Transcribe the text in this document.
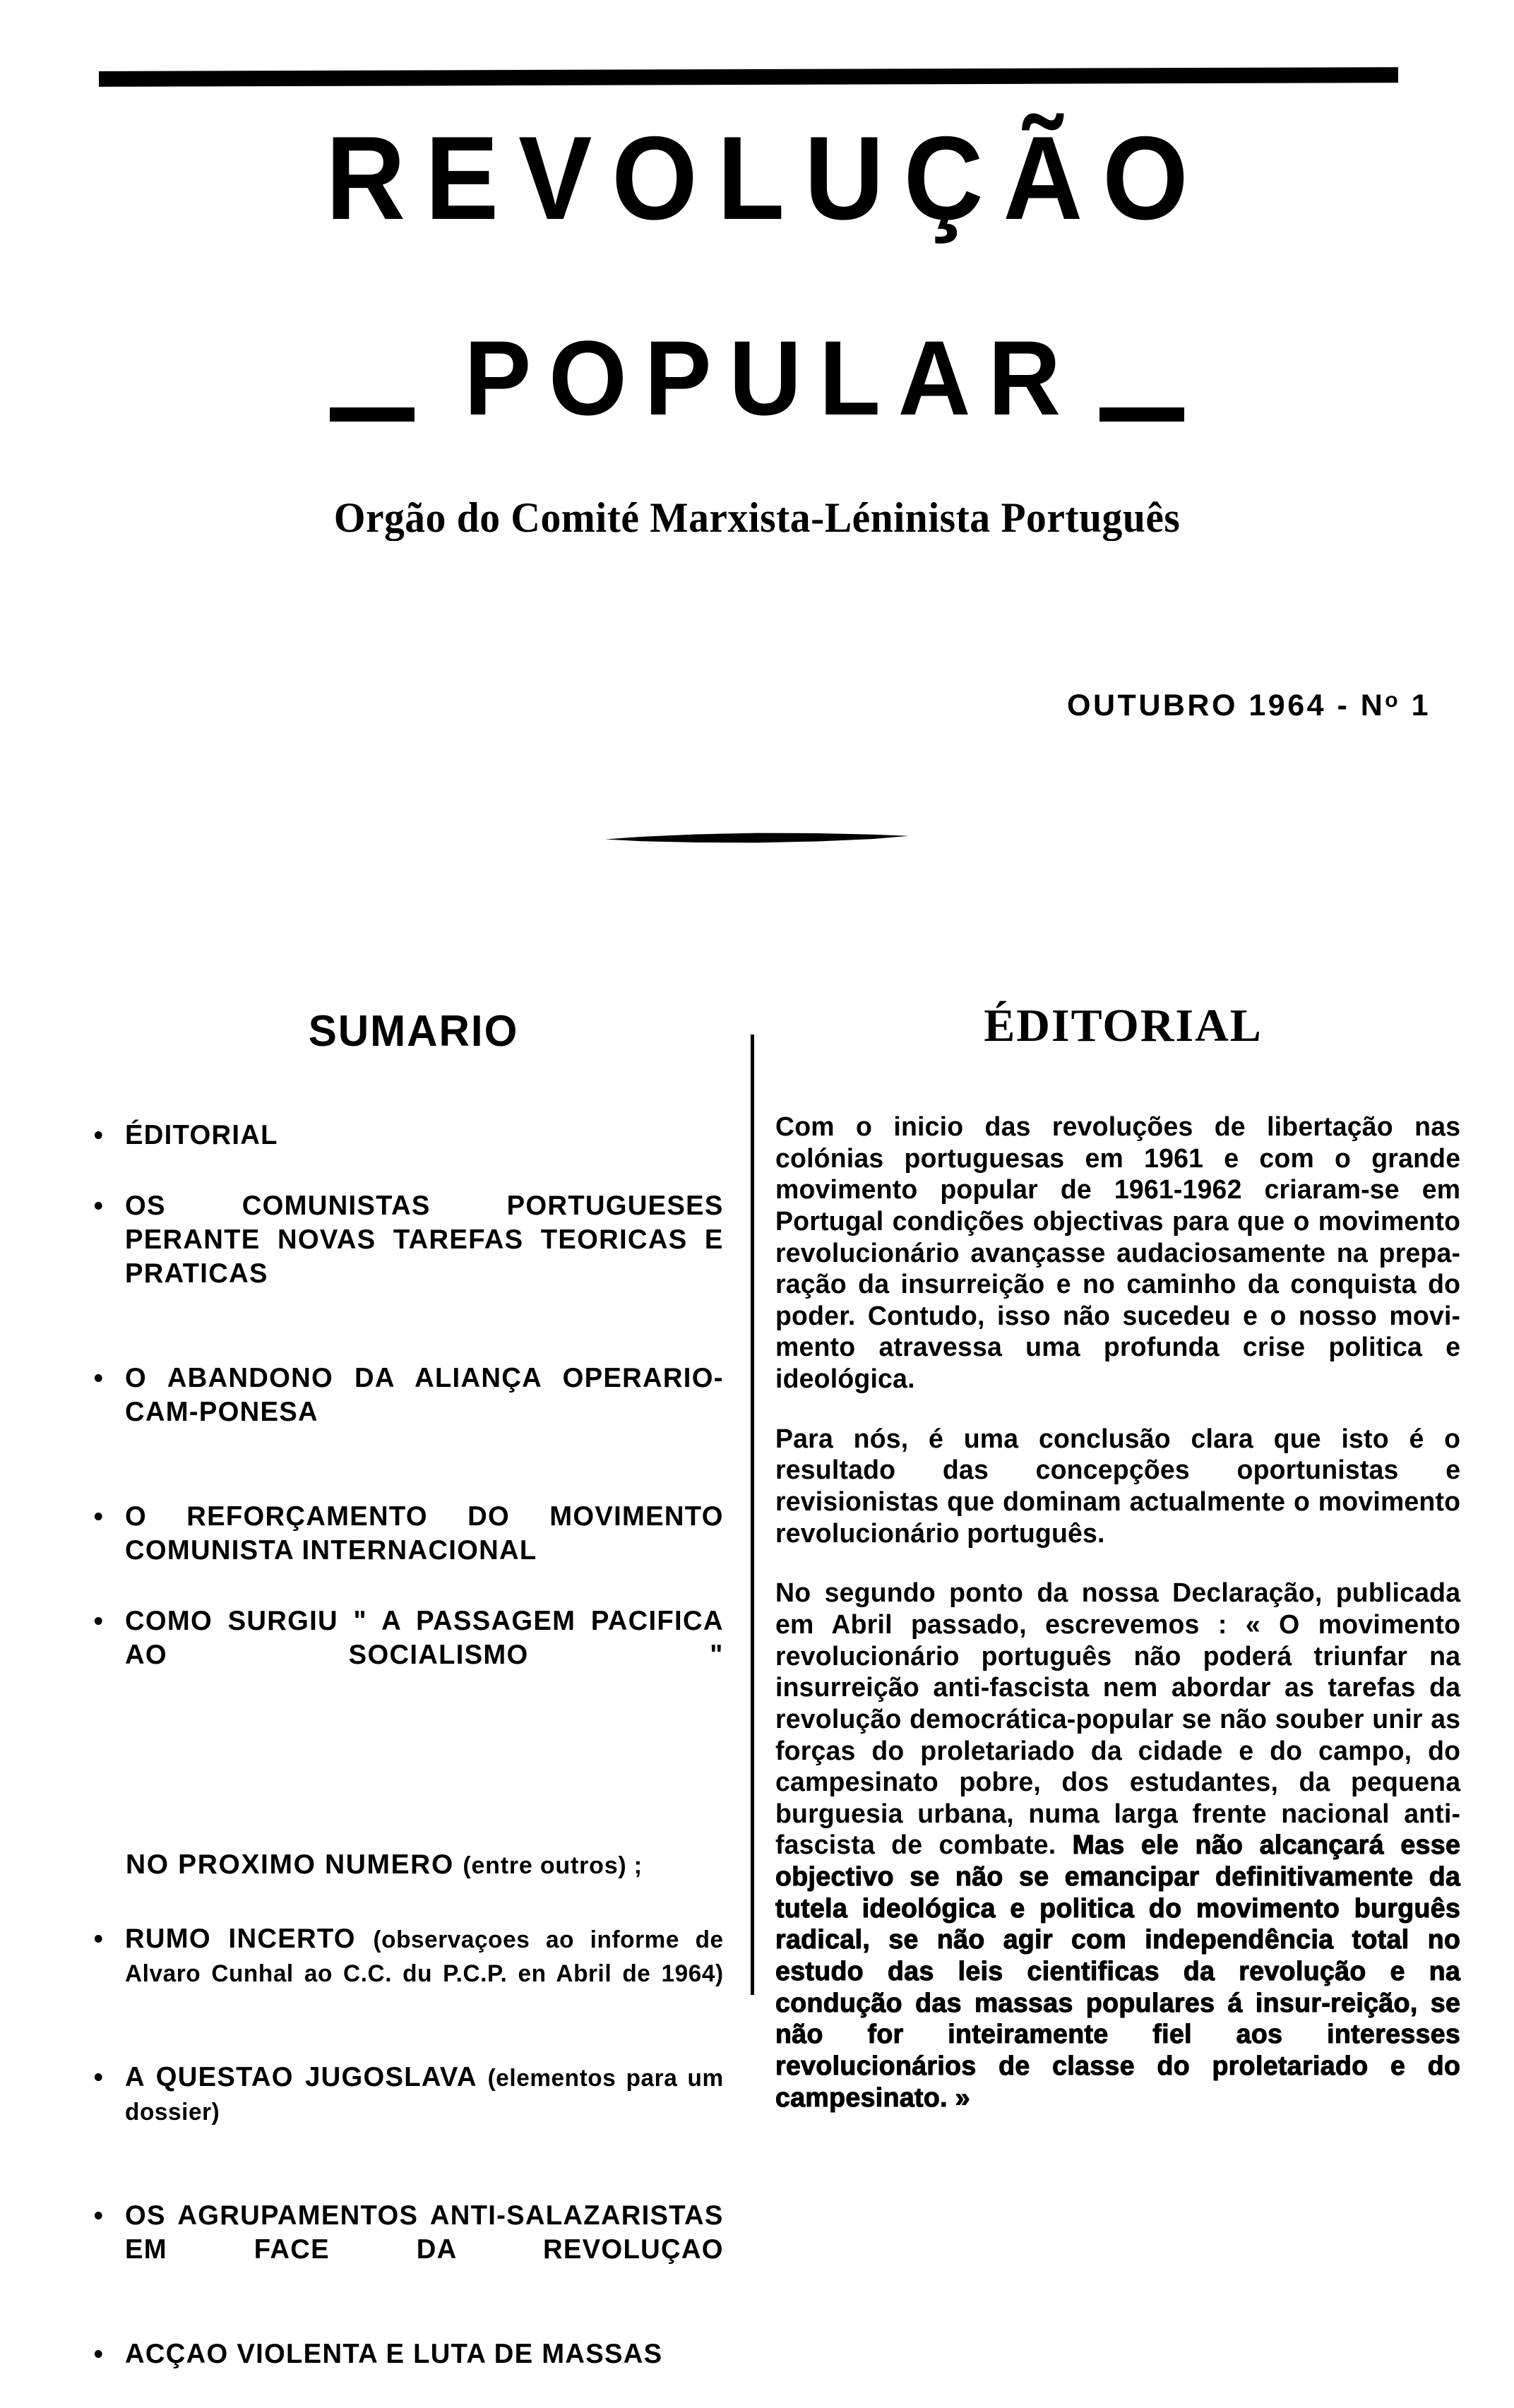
REVOLUÇÃO
POPULAR
Orgão do Comité Marxista-Léninista Português
OUTUBRO $1964 - N^o$ 1
SUMARIO
ÉDITORIAL
OS COMUNISTAS PORTUGUESES PERANTE NOVAS TAREFAS TEORICAS E PRATICAS
O ABANDONO DA ALIANÇA OPERARIO-CAM-PONESA
O REFORÇAMENTO DO MOVIMENTO COMUNISTA INTERNACIONAL
COMO SURGIU " A PASSAGEM PACIFICA AO SOCIALISMO "
NO PROXIMO NUMERO (entre outros) ;
RUMO INCERTO (observaçoes ao informe de Alvaro Cunhal ao C.C. du P.C.P. en Abril de 1964)
A QUESTAO JUGOSLAVA (elementos para um dossier)
OS AGRUPAMENTOS ANTI-SALAZARISTAS EM FACE DA REVOLUÇAO
ACÇAO VIOLENTA E LUTA DE MASSAS
ÉDITORIAL

Com o inicio das revoluções de libertação nas colónias portuguesas em 1961 e com o grande movimento popular de 1961-1962 criaram-se em Portugal condições objectivas para que o movimento revolucionário avançasse audaciosamente na prepa-ração da insurreição e no caminho da conquista do poder. Contudo, isso não sucedeu e o nosso movi-mento atravessa uma profunda crise politica e ideológica.

Para nós, é uma conclusão clara que isto é o resultado das concepções oportunistas e revisionistas que dominam actualmente o movimento revolucionário português.

No segundo ponto da nossa Declaração, publicada em Abril passado, escrevemos : « O movimento revolucionário português não poderá triunfar na insurreição anti-fascista nem abordar as tarefas da revolução democrática-popular se não souber unir as forças do proletariado da cidade e do campo, do campesinato pobre, dos estudantes, da pequena burguesia urbana, numa larga frente nacional anti-fascista de combate. Mas ele não alcançará esse objectivo se não se emancipar definitivamente da tutela ideológica e politica do movimento burguês radical, se não agir com independência total no estudo das leis cientificas da revolução e na condução das massas populares á insur-reição, se não for inteiramente fiel aos interesses revolucionários de classe do proletariado e do campesinato. »
